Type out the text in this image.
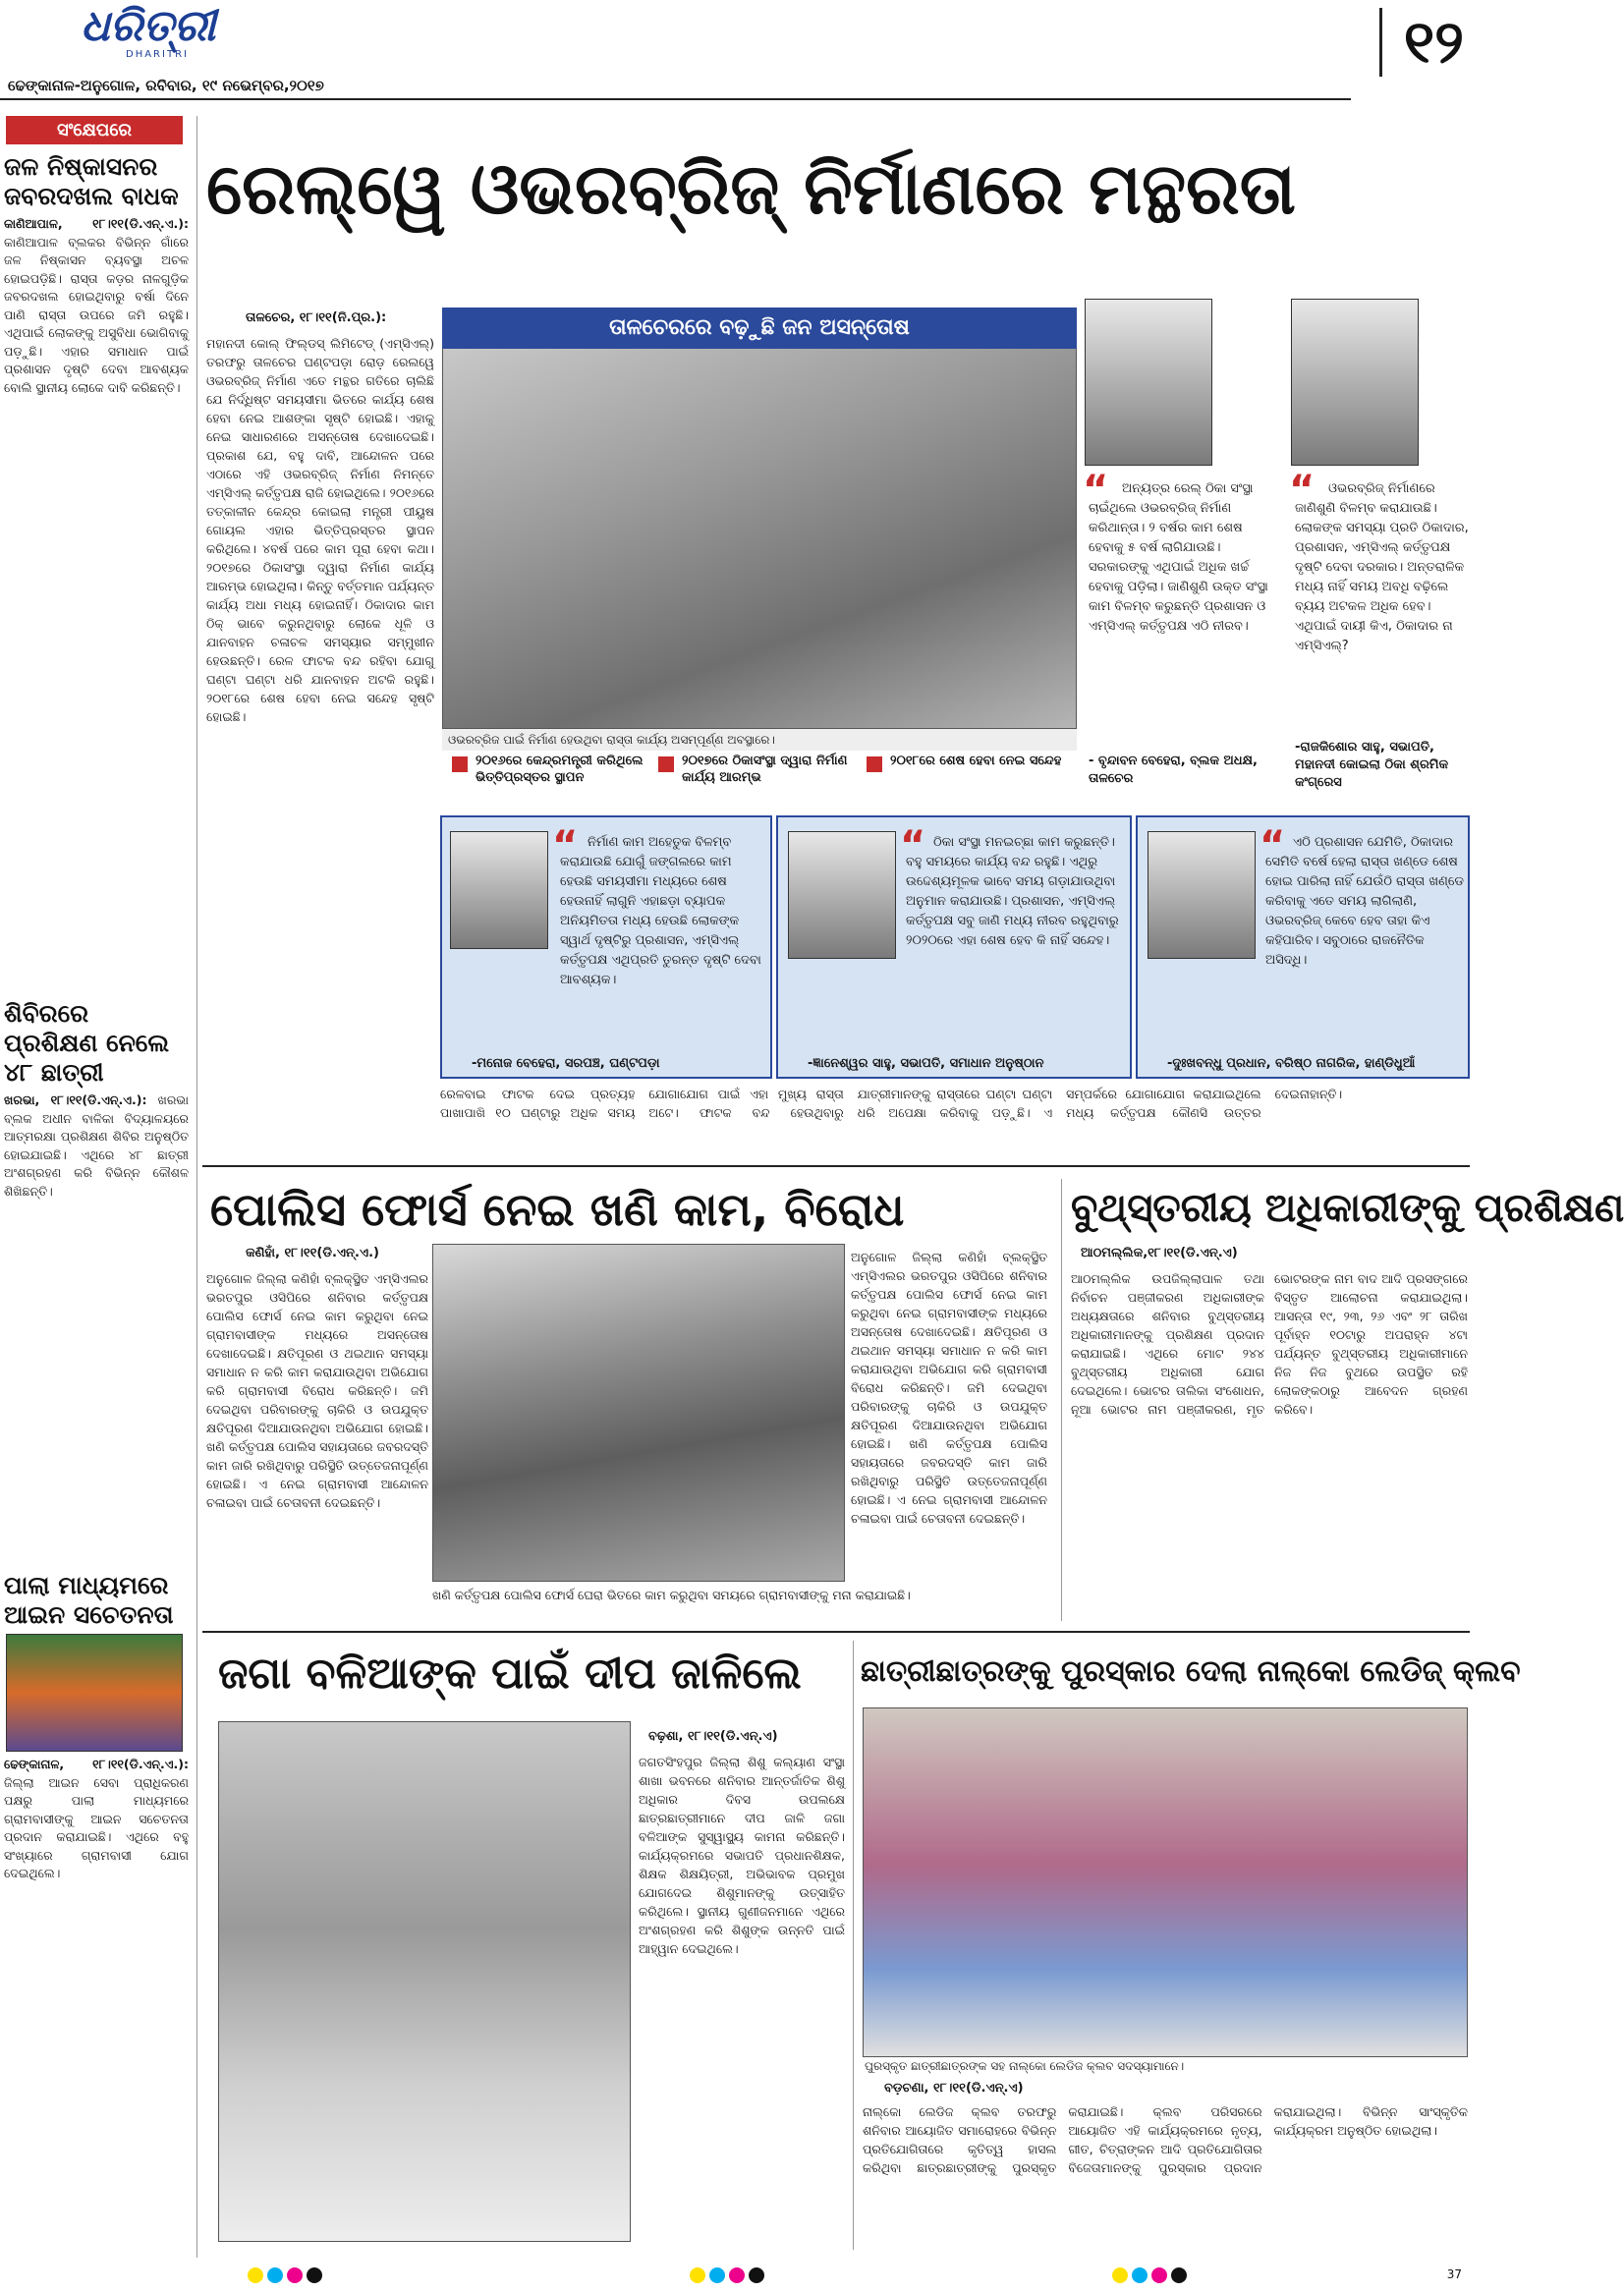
ଧରିତ୍ରୀ
DHARITRI
ଢେଙ୍କାନାଳ-ଅନୁଗୋଳ, ରବିବାର, ୧୯ ନଭେମ୍ବର,୨୦୧୭
୧୨
ସଂକ୍ଷେପରେ
ଜଳ ନିଷ୍କାସନର ଜବରଦଖଲ ବାଧକ
କାଣିଆପାଳ, ୧୮।୧୧(ଡି.ଏନ୍.ଏ.): କାଣିଆପାଳ ବ୍ଲକର ବିଭିନ୍ନ ଗାଁରେ ଜଳ ନିଷ୍କାସନ ବ୍ୟବସ୍ଥା ଅଚଳ ହୋଇପଡ଼ିଛି। ରାସ୍ତା କଡ଼ର ନାଳଗୁଡ଼ିକ ଜବରଦଖଲ ହୋଇଥିବାରୁ ବର୍ଷା ଦିନେ ପାଣି ରାସ୍ତା ଉପରେ ଜମି ରହୁଛି। ଏଥିପାଇଁ ଲୋକଙ୍କୁ ଅସୁବିଧା ଭୋଗିବାକୁ ପଡ଼ୁଛି। ଏହାର ସମାଧାନ ପାଇଁ ପ୍ରଶାସନ ଦୃଷ୍ଟି ଦେବା ଆବଶ୍ୟକ ବୋଲି ସ୍ଥାନୀୟ ଲୋକେ ଦାବି କରିଛନ୍ତି।
ଶିବିରରେ ପ୍ରଶିକ୍ଷଣ ନେଲେ ୪୮ ଛାତ୍ରୀ
ଖରଭା, ୧୮।୧୧(ଡି.ଏନ୍.ଏ.): ଖରଭା ବ୍ଲକ ଅଧୀନ ବାଳିକା ବିଦ୍ୟାଳୟରେ ଆତ୍ମରକ୍ଷା ପ୍ରଶିକ୍ଷଣ ଶିବିର ଅନୁଷ୍ଠିତ ହୋଇଯାଇଛି। ଏଥିରେ ୪୮ ଛାତ୍ରୀ ଅଂଶଗ୍ରହଣ କରି ବିଭିନ୍ନ କୌଶଳ ଶିଖିଛନ୍ତି।
ପାଲା ମାଧ୍ୟମରେ ଆଇନ ସଚେତନତା
ଢେଙ୍କାନାଳ, ୧୮।୧୧(ଡି.ଏନ୍.ଏ.): ଜିଲ୍ଲା ଆଇନ ସେବା ପ୍ରାଧିକରଣ ପକ୍ଷରୁ ପାଲା ମାଧ୍ୟମରେ ଗ୍ରାମବାସୀଙ୍କୁ ଆଇନ ସଚେତନତା ପ୍ରଦାନ କରାଯାଇଛି। ଏଥିରେ ବହୁ ସଂଖ୍ୟାରେ ଗ୍ରାମବାସୀ ଯୋଗ ଦେଇଥିଲେ।
ରେଲ୍‌ୱେ ଓଭରବ୍ରିଜ୍ ନିର୍ମାଣରେ ମନ୍ଥରତା
ତାଳଚେର, ୧୮।୧୧(ନି.ପ୍ର.):
ମହାନଦୀ କୋଲ୍ ଫିଲ୍ଡସ୍ ଲିମିଟେଡ୍ (ଏମ୍‌ସିଏଲ୍) ତରଫରୁ ତାଳଚେର ଘଣ୍ଟପଡ଼ା ରୋଡ଼ ରେଲୱେ ଓଭରବ୍ରିଜ୍ ନିର୍ମାଣ ଏତେ ମନ୍ଥର ଗତିରେ ଚାଲିଛି ଯେ ନିର୍ଦ୍ଧିଷ୍ଟ ସମୟସୀମା ଭିତରେ କାର୍ଯ୍ୟ ଶେଷ ହେବା ନେଇ ଆଶଙ୍କା ସୃଷ୍ଟି ହୋଇଛି। ଏହାକୁ ନେଇ ସାଧାରଣରେ ଅସନ୍ତୋଷ ଦେଖାଦେଇଛି। ପ୍ରକାଶ ଯେ, ବହୁ ଦାବି, ଆନ୍ଦୋଳନ ପରେ ଏଠାରେ ଏହି ଓଭରବ୍ରିଜ୍ ନିର୍ମାଣ ନିମନ୍ତେ ଏମ୍‌ସିଏଲ୍ କର୍ତ୍ତୃପକ୍ଷ ରାଜି ହୋଇଥିଲେ। ୨୦୧୬ରେ ତତ୍କାଳୀନ କେନ୍ଦ୍ର କୋଇଲା ମନ୍ତ୍ରୀ ପୀୟୁଷ ଗୋୟଲ ଏହାର ଭିତ୍ତିପ୍ରସ୍ତର ସ୍ଥାପନ କରିଥିଲେ। ୪ବର୍ଷ ପରେ କାମ ପୂରା ହେବା କଥା। ୨୦୧୭ରେ ଠିକାସଂସ୍ଥା ଦ୍ୱାରା ନିର୍ମାଣ କାର୍ଯ୍ୟ ଆରମ୍ଭ ହୋଇଥିଲା। କିନ୍ତୁ ବର୍ତ୍ତମାନ ପର୍ଯ୍ୟନ୍ତ କାର୍ଯ୍ୟ ଅଧା ମଧ୍ୟ ହୋଇନାହିଁ। ଠିକାଦାର କାମ ଠିକ୍ ଭାବେ କରୁନଥିବାରୁ ଲୋକେ ଧୂଳି ଓ ଯାନବାହନ ଚଳାଚଳ ସମସ୍ୟାର ସମ୍ମୁଖୀନ ହେଉଛନ୍ତି। ରେଳ ଫାଟକ ବନ୍ଦ ରହିବା ଯୋଗୁ ଘଣ୍ଟା ଘଣ୍ଟା ଧରି ଯାନବାହନ ଅଟକି ରହୁଛି। ୨୦୧୮ରେ ଶେଷ ହେବା ନେଇ ସନ୍ଦେହ ସୃଷ୍ଟି ହୋଇଛି।
ତାଳଚେରରେ ବଢ଼ୁଛି ଜନ ଅସନ୍ତୋଷ
ଓଭରବ୍ରିଜ ପାଇଁ ନିର୍ମାଣ ହେଉଥିବା ରାସ୍ତା କାର୍ଯ୍ୟ ଅସମ୍ପୂର୍ଣ୍ଣ ଅବସ୍ଥାରେ।
୨୦୧୬ରେ କେନ୍ଦ୍ରମନ୍ତ୍ରୀ କରିଥିଲେ ଭିତ୍ତିପ୍ରସ୍ତର ସ୍ଥାପନ
୨୦୧୭ରେ ଠିକାସଂସ୍ଥା ଦ୍ୱାରା ନିର୍ମାଣ କାର୍ଯ୍ୟ ଆରମ୍ଭ
୨୦୧୮ରେ ଶେଷ ହେବା ନେଇ ସନ୍ଦେହ
“	ଅନ୍ୟତ୍ର ରେଲ୍ ଠିକା ସଂସ୍ଥା ଚାଇଁଥିଲେ ଓଭରବ୍ରିଜ୍ ନିର୍ମାଣ କରିଥାନ୍ତା। ୨ ବର୍ଷର କାମ ଶେଷ ହେବାକୁ ୫ ବର୍ଷ ଲାଗିଯାଉଛି। ସରକାରଙ୍କୁ ଏଥିପାଇଁ ଅଧିକ ଖର୍ଚ୍ଚ ହେବାକୁ ପଡ଼ିଲା। ଜାଣିଶୁଣି ଉକ୍ତ ସଂସ୍ଥା କାମ ବିଳମ୍ବ କରୁଛନ୍ତି ପ୍ରଶାସନ ଓ ଏମ୍‌ସିଏଲ୍ କର୍ତ୍ତୃପକ୍ଷ ଏଠି ନୀରବ।
- ବୃନ୍ଦାବନ ବେହେରା, ବ୍ଲକ ଅଧକ୍ଷ, ତାଳଚେର
“	ଓଭରବ୍ରିଜ୍ ନିର୍ମାଣରେ ଜାଣିଶୁଣି ବିଳମ୍ବ କରାଯାଉଛି। ଲୋକଙ୍କ ସମସ୍ୟା ପ୍ରତି ଠିକାଦାର, ପ୍ରଶାସନ, ଏମ୍‌ସିଏଲ୍ କର୍ତ୍ତୃପକ୍ଷ ଦୃଷ୍ଟି ଦେବା ଦରକାର। ଅନ୍ତରାଳିକ ମଧ୍ୟ ନାହିଁ ସମୟ ଅବଧି ବଢ଼ିଲେ ବ୍ୟୟ ଅଟକଳ ଅଧିକ ହେବ। ଏଥିପାଇଁ ଦାୟୀ କିଏ, ଠିକାଦାର ନା ଏମ୍‌ସିଏଲ୍?
-ରାଜକିଶୋର ସାହୁ, ସଭାପତି, ମହାନଦୀ କୋଇଲା ଠିକା ଶ୍ରମିକ କଂଗ୍ରେସ
“ ନିର୍ମାଣ କାମ ଅହେତୁକ ବିଳମ୍ବ କରାଯାଉଛି ଯୋଗୁଁ ଜଙ୍ଗଲରେ କାମ ହେଉଛି ସମୟସୀମା ମଧ୍ୟରେ ଶେଷ ହେଉନାହିଁ ଲାଗୁନି ଏହାଛଡ଼ା ବ୍ୟାପକ ଅନିୟମିତତା ମଧ୍ୟ ହେଉଛି ଲୋକଙ୍କ ସ୍ୱାର୍ଥ ଦୃଷ୍ଟିରୁ ପ୍ରଶାସନ, ଏମ୍‌ସିଏଲ୍ କର୍ତ୍ତୃପକ୍ଷ ଏଥିପ୍ରତି ତୁରନ୍ତ ଦୃଷ୍ଟି ଦେବା ଆବଶ୍ୟକ।
-ମନୋଜ ବେହେରା, ସରପଞ୍ଚ, ଘଣ୍ଟପଡ଼ା
“ ଠିକା ସଂସ୍ଥା ମନଇଚ୍ଛା କାମ କରୁଛନ୍ତି। ବହୁ ସମୟରେ କାର୍ଯ୍ୟ ବନ୍ଦ ରହୁଛି। ଏଥିରୁ ଉଦ୍ଦେଶ୍ୟମୂଳକ ଭାବେ ସମୟ ଗଡ଼ାଯାଉଥିବା ଅନୁମାନ କରାଯାଉଛି। ପ୍ରଶାସନ, ଏମ୍‌ସିଏଲ୍ କର୍ତ୍ତୃପକ୍ଷ ସବୁ ଜାଣି ମଧ୍ୟ ନୀରବ ରହୁଥିବାରୁ ୨୦୨୦ରେ ଏହା ଶେଷ ହେବ କି ନାହିଁ ସନ୍ଦେହ।
-ଜ୍ଞାନେଶ୍ୱର ସାହୁ, ସଭାପତି, ସମାଧାନ ଅନୁଷ୍ଠାନ
“ ଏଠି ପ୍ରଶାସନ ଯେମିତି, ଠିକାଦାର ସେମିତି ବର୍ଷେ ହେଲା ରାସ୍ତା ଖଣ୍ଡେ ଶେଷ ହୋଇ ପାରିଲା ନାହିଁ ଯେଉଁଠି ରାସ୍ତା ଖଣ୍ଡେ କରିବାକୁ ଏତେ ସମୟ ଲାଗିଲାଣି, ଓଭରବ୍ରିଜ୍ କେବେ ହେବ ତାହା କିଏ କହିପାରିବ। ସବୁଠାରେ ରାଜନୈତିକ ଅସିଦ୍ଧି।
-ଦୁଃଖବନ୍ଧୁ ପ୍ରଧାନ, ବରିଷ୍ଠ ନାଗରିକ, ହାଣ୍ଡିଧୁଆଁ
ରେଳବାଇ ଫାଟକ ଦେଇ ପ୍ରତ୍ୟହ ପାଖାପାଖି ୧୦ ଘଣ୍ଟାରୁ ଅଧିକ ସମୟ ଯୋଗାଯୋଗ ପାଇଁ ଏହା ମୁଖ୍ୟ ରାସ୍ତା ଅଟେ। ଫାଟକ ବନ୍ଦ ହେଉଥିବାରୁ ଯାତ୍ରୀମାନଙ୍କୁ ରାସ୍ତାରେ ଘଣ୍ଟା ଘଣ୍ଟା ଧରି ଅପେକ୍ଷା କରିବାକୁ ପଡ଼ୁଛି। ଏ ସମ୍ପର୍କରେ ଯୋଗାଯୋଗ କରାଯାଇଥିଲେ ମଧ୍ୟ କର୍ତ୍ତୃପକ୍ଷ କୌଣସି ଉତ୍ତର ଦେଇନାହାନ୍ତି।
ପୋଲିସ ଫୋର୍ସ ନେଇ ଖଣି କାମ, ବିରୋଧ
କଣିହାଁ, ୧୮।୧୧(ଡି.ଏନ୍.ଏ.)
ଅନୁଗୋଳ ଜିଲ୍ଲା କଣିହାଁ ବ୍ଲକ୍‌ସ୍ଥିତ ଏମ୍‌ସିଏଲର ଭରତପୁର ଓସିପିରେ ଶନିବାର କର୍ତ୍ତୃପକ୍ଷ ପୋଲିସ ଫୋର୍ସ ନେଇ କାମ କରୁଥିବା ନେଇ ଗ୍ରାମବାସୀଙ୍କ ମଧ୍ୟରେ ଅସନ୍ତୋଷ ଦେଖାଦେଇଛି। କ୍ଷତିପୂରଣ ଓ ଥଇଥାନ ସମସ୍ୟା ସମାଧାନ ନ କରି କାମ କରାଯାଉଥିବା ଅଭିଯୋଗ କରି ଗ୍ରାମବାସୀ ବିରୋଧ କରିଛନ୍ତି। ଜମି ଦେଇଥିବା ପରିବାରଙ୍କୁ ଚାକିରି ଓ ଉପଯୁକ୍ତ କ୍ଷତିପୂରଣ ଦିଆଯାଉନଥିବା ଅଭିଯୋଗ ହୋଇଛି। ଖଣି କର୍ତ୍ତୃପକ୍ଷ ପୋଲିସ ସହାୟତାରେ ଜବରଦସ୍ତି କାମ ଜାରି ରଖିଥିବାରୁ ପରିସ୍ଥିତି ଉତ୍ତେଜନାପୂର୍ଣ୍ଣ ହୋଇଛି। ଏ ନେଇ ଗ୍ରାମବାସୀ ଆନ୍ଦୋଳନ ଚଳାଇବା ପାଇଁ ଚେତାବନୀ ଦେଇଛନ୍ତି।
ଅନୁଗୋଳ ଜିଲ୍ଲା କଣିହାଁ ବ୍ଲକ୍‌ସ୍ଥିତ ଏମ୍‌ସିଏଲର ଭରତପୁର ଓସିପିରେ ଶନିବାର କର୍ତ୍ତୃପକ୍ଷ ପୋଲିସ ଫୋର୍ସ ନେଇ କାମ କରୁଥିବା ନେଇ ଗ୍ରାମବାସୀଙ୍କ ମଧ୍ୟରେ ଅସନ୍ତୋଷ ଦେଖାଦେଇଛି। କ୍ଷତିପୂରଣ ଓ ଥଇଥାନ ସମସ୍ୟା ସମାଧାନ ନ କରି କାମ କରାଯାଉଥିବା ଅଭିଯୋଗ କରି ଗ୍ରାମବାସୀ ବିରୋଧ କରିଛନ୍ତି। ଜମି ଦେଇଥିବା ପରିବାରଙ୍କୁ ଚାକିରି ଓ ଉପଯୁକ୍ତ କ୍ଷତିପୂରଣ ଦିଆଯାଉନଥିବା ଅଭିଯୋଗ ହୋଇଛି। ଖଣି କର୍ତ୍ତୃପକ୍ଷ ପୋଲିସ ସହାୟତାରେ ଜବରଦସ୍ତି କାମ ଜାରି ରଖିଥିବାରୁ ପରିସ୍ଥିତି ଉତ୍ତେଜନାପୂର୍ଣ୍ଣ ହୋଇଛି। ଏ ନେଇ ଗ୍ରାମବାସୀ ଆନ୍ଦୋଳନ ଚଳାଇବା ପାଇଁ ଚେତାବନୀ ଦେଇଛନ୍ତି।
ଖଣି କର୍ତ୍ତୃପକ୍ଷ ପୋଲିସ ଫୋର୍ସ ଘେରା ଭିତରେ କାମ କରୁଥିବା ସମୟରେ ଗ୍ରାମବାସୀଙ୍କୁ ମନା କରାଯାଇଛି।
ବୁଥ୍‌ସ୍ତରୀୟ ଅଧିକାରୀଙ୍କୁ ପ୍ରଶିକ୍ଷଣ
ଆଠମଲ୍ଲିକ,୧୮।୧୧(ଡି.ଏନ୍.ଏ)
ଆଠମଲ୍ଲିକ ଉପଜିଲ୍ଲାପାଳ ତଥା ନିର୍ବାଚନ ପଞ୍ଜୀକରଣ ଅଧିକାରୀଙ୍କ ଅଧ୍ୟକ୍ଷତାରେ ଶନିବାର ବୁଥ୍‌ସ୍ତରୀୟ ଅଧିକାରୀମାନଙ୍କୁ ପ୍ରଶିକ୍ଷଣ ପ୍ରଦାନ କରାଯାଇଛି। ଏଥିରେ ମୋଟ ୨୪୪ ବୁଥ୍‌ସ୍ତରୀୟ ଅଧିକାରୀ ଯୋଗ ଦେଇଥିଲେ। ଭୋଟର ତାଲିକା ସଂଶୋଧନ, ନୂଆ ଭୋଟର ନାମ ପଞ୍ଜୀକରଣ, ମୃତ ଭୋଟରଙ୍କ ନାମ ବାଦ ଆଦି ପ୍ରସଙ୍ଗରେ ବିସ୍ତୃତ ଆଲୋଚନା କରାଯାଇଥିଲା। ଆସନ୍ତା ୧୯, ୨୩, ୨୬ ଏବଂ ୨୮ ତାରିଖ ପୂର୍ବାହ୍ନ ୧୦ଟାରୁ ଅପରାହ୍ନ ୪ଟା ପର୍ଯ୍ୟନ୍ତ ବୁଥ୍‌ସ୍ତରୀୟ ଅଧିକାରୀମାନେ ନିଜ ନିଜ ବୁଥରେ ଉପସ୍ଥିତ ରହି ଲୋକଙ୍କଠାରୁ ଆବେଦନ ଗ୍ରହଣ କରିବେ।
ଜଗା ବଳିଆଙ୍କ ପାଇଁ ଦୀପ ଜାଳିଲେ
ବଢ଼ଶା, ୧୮।୧୧(ଡି.ଏନ୍.ଏ)
ଜଗତସିଂହପୁର ଜିଲ୍ଲା ଶିଶୁ କଲ୍ୟାଣ ସଂସ୍ଥା ଶାଖା ଭବନରେ ଶନିବାର ଆନ୍ତର୍ଜାତିକ ଶିଶୁ ଅଧିକାର ଦିବସ ଉପଲକ୍ଷେ ଛାତ୍ରଛାତ୍ରୀମାନେ ଦୀପ ଜାଳି ଜଗା ବଳିଆଙ୍କ ସୁସ୍ୱାସ୍ଥ୍ୟ କାମନା କରିଛନ୍ତି। କାର୍ଯ୍ୟକ୍ରମରେ ସଭାପତି ପ୍ରଧାନଶିକ୍ଷକ, ଶିକ୍ଷକ ଶିକ୍ଷୟିତ୍ରୀ, ଅଭିଭାବକ ପ୍ରମୁଖ ଯୋଗଦେଇ ଶିଶୁମାନଙ୍କୁ ଉତ୍ସାହିତ କରିଥିଲେ। ସ୍ଥାନୀୟ ଗୁଣୀଜନମାନେ ଏଥିରେ ଅଂଶଗ୍ରହଣ କରି ଶିଶୁଙ୍କ ଉନ୍ନତି ପାଇଁ ଆହ୍ୱାନ ଦେଇଥିଲେ।
ଛାତ୍ରୀଛାତ୍ରଙ୍କୁ ପୁରସ୍କାର ଦେଲା ନାଲ୍‌କୋ ଲେଡିଜ୍ କ୍ଲବ
ପୁରସ୍କୃତ ଛାତ୍ରୀଛାତ୍ରଙ୍କ ସହ ନାଲ୍‌କୋ ଲେଡିଜ କ୍ଲବ ସଦସ୍ୟାମାନେ।
ବଡ଼ଚଣା, ୧୮।୧୧(ଡି.ଏନ୍.ଏ)
ନାଲ୍‌କୋ ଲେଡିଜ କ୍ଲବ ତରଫରୁ ଶନିବାର ଆୟୋଜିତ ସମାରୋହରେ ବିଭିନ୍ନ ପ୍ରତିଯୋଗିତାରେ କୃତିତ୍ୱ ହାସଲ କରିଥିବା ଛାତ୍ରଛାତ୍ରୀଙ୍କୁ ପୁରସ୍କୃତ କରାଯାଇଛି। କ୍ଲବ ପରିସରରେ ଆୟୋଜିତ ଏହି କାର୍ଯ୍ୟକ୍ରମରେ ନୃତ୍ୟ, ଗୀତ, ଚିତ୍ରାଙ୍କନ ଆଦି ପ୍ରତିଯୋଗିତାର ବିଜେତାମାନଙ୍କୁ ପୁରସ୍କାର ପ୍ରଦାନ କରାଯାଇଥିଲା। ବିଭିନ୍ନ ସାଂସ୍କୃତିକ କାର୍ଯ୍ୟକ୍ରମ ଅନୁଷ୍ଠିତ ହୋଇଥିଲା।
37
